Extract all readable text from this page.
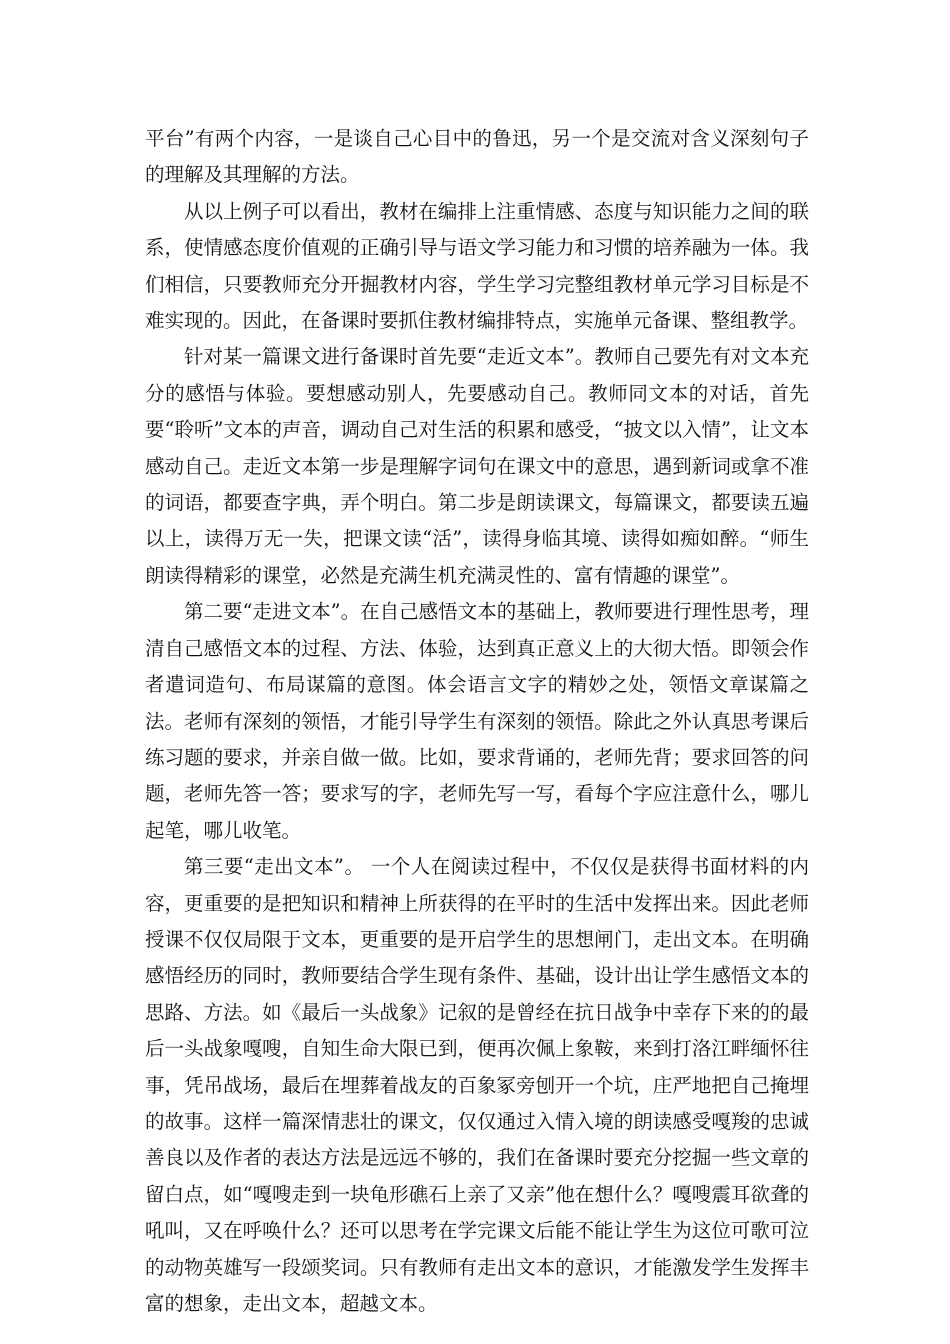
平台”有两个内容，一是谈自己心目中的鲁迅，另一个是交流对含义深刻句子的理解及其理解的方法。

从以上例子可以看出，教材在编排上注重情感、态度与知识能力之间的联系，使情感态度价值观的正确引导与语文学习能力和习惯的培养融为一体。我们相信，只要教师充分开掘教材内容，学生学习完整组教材单元学习目标是不难实现的。因此，在备课时要抓住教材编排特点，实施单元备课、整组教学。

针对某一篇课文进行备课时首先要“走近文本”。教师自己要先有对文本充分的感悟与体验。要想感动别人，先要感动自己。教师同文本的对话，首先要“聆听”文本的声音，调动自己对生活的积累和感受，“披文以入情”，让文本感动自己。走近文本第一步是理解字词句在课文中的意思，遇到新词或拿不准的词语，都要查字典，弄个明白。第二步是朗读课文，每篇课文，都要读五遍以上，读得万无一失，把课文读“活”，读得身临其境、读得如痴如醉。“师生朗读得精彩的课堂，必然是充满生机充满灵性的、富有情趣的课堂”。

第二要“走进文本”。在自己感悟文本的基础上，教师要进行理性思考，理清自己感悟文本的过程、方法、体验，达到真正意义上的大彻大悟。即领会作者遣词造句、布局谋篇的意图。体会语言文字的精妙之处，领悟文章谋篇之法。老师有深刻的领悟，才能引导学生有深刻的领悟。除此之外认真思考课后练习题的要求，并亲自做一做。比如，要求背诵的，老师先背；要求回答的问题，老师先答一答；要求写的字，老师先写一写，看每个字应注意什么，哪儿起笔，哪儿收笔。

第三要“走出文本”。 一个人在阅读过程中，不仅仅是获得书面材料的内容，更重要的是把知识和精神上所获得的在平时的生活中发挥出来。因此老师授课不仅仅局限于文本，更重要的是开启学生的思想闸门，走出文本。在明确感悟经历的同时，教师要结合学生现有条件、基础，设计出让学生感悟文本的思路、方法。如《最后一头战象》记叙的是曾经在抗日战争中幸存下来的的最后一头战象嘎嗖，自知生命大限已到，便再次佩上象鞍，来到打洛江畔缅怀往事，凭吊战场，最后在埋葬着战友的百象冢旁刨开一个坑，庄严地把自己掩埋的故事。这样一篇深情悲壮的课文，仅仅通过入情入境的朗读感受嘎羧的忠诚善良以及作者的表达方法是远远不够的，我们在备课时要充分挖掘一些文章的留白点，如“嘎嗖走到一块龟形礁石上亲了又亲”他在想什么？嘎嗖震耳欲聋的吼叫，又在呼唤什么？还可以思考在学完课文后能不能让学生为这位可歌可泣的动物英雄写一段颂奖词。只有教师有走出文本的意识，才能激发学生发挥丰富的想象，走出文本，超越文本。
